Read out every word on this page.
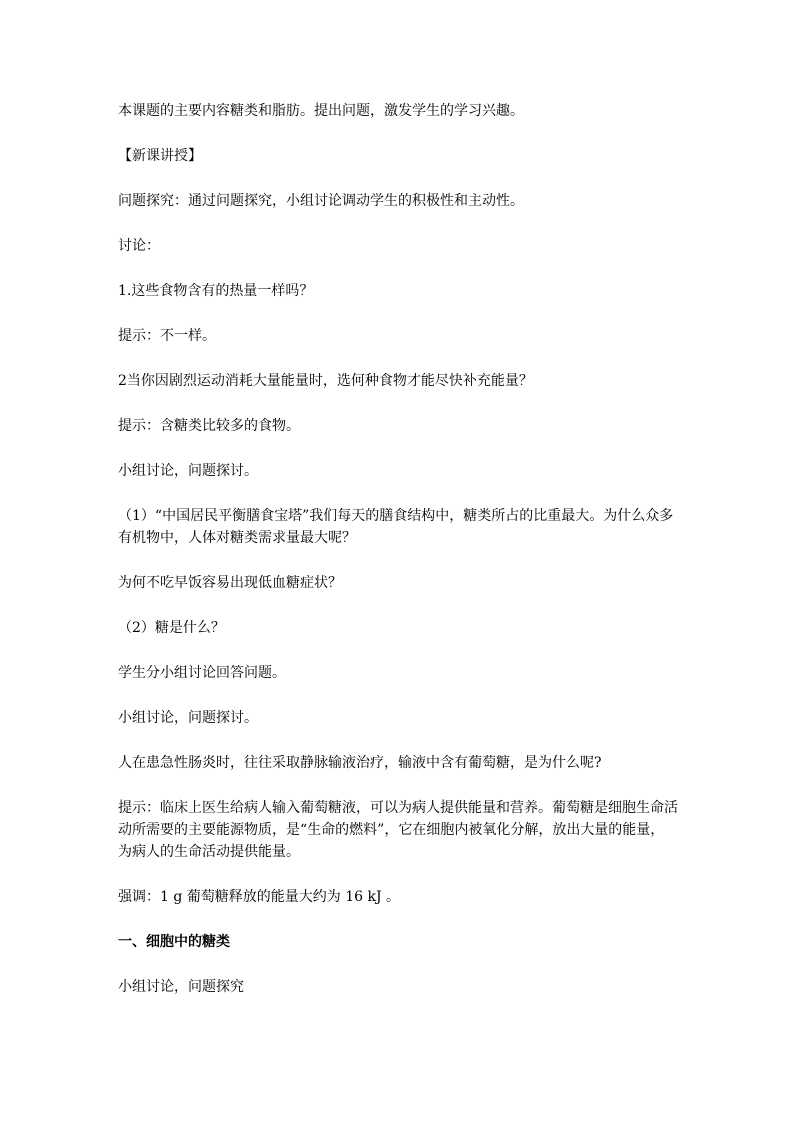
本课题的主要内容糖类和脂肪。提出问题，激发学生的学习兴趣。

【新课讲授】

问题探究：通过问题探究，小组讨论调动学生的积极性和主动性。

讨论：

1.这些食物含有的热量一样吗？

提示：不一样。

2当你因剧烈运动消耗大量能量时，选何种食物才能尽快补充能量？

提示：含糖类比较多的食物。

小组讨论，问题探讨。

（1）“中国居民平衡膳食宝塔”我们每天的膳食结构中，糖类所占的比重最大。为什么众多有机物中，人体对糖类需求量最大呢？

为何不吃早饭容易出现低血糖症状？

（2）糖是什么？

学生分小组讨论回答问题。

小组讨论，问题探讨。

人在患急性肠炎时，往往采取静脉输液治疗，输液中含有葡萄糖，是为什么呢?

提示：临床上医生给病人输入葡萄糖液，可以为病人提供能量和营养。葡萄糖是细胞生命活动所需要的主要能源物质，是“生命的燃料”，它在细胞内被氧化分解，放出大量的能量，为病人的生命活动提供能量。

强调：1 g 葡萄糖释放的能量大约为 16 kJ 。

一、细胞中的糖类

小组讨论，问题探究
